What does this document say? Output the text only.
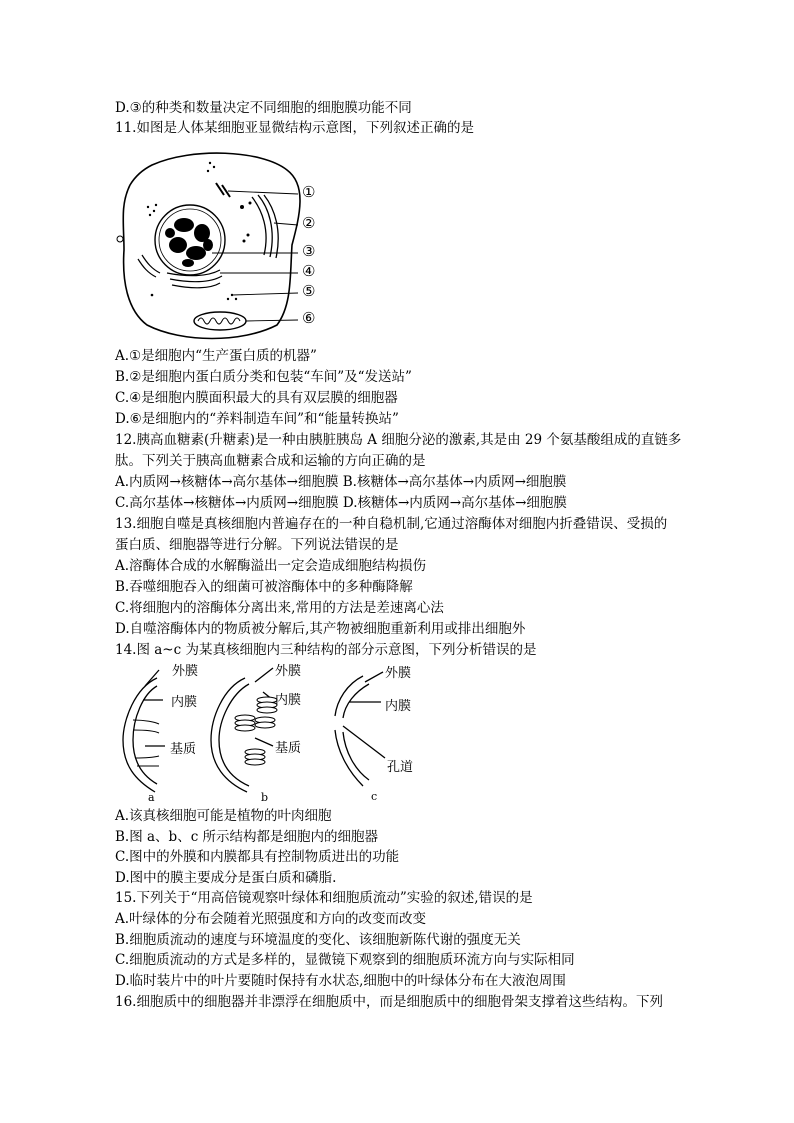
D.③的种类和数量决定不同细胞的细胞膜功能不同
11.如图是人体某细胞亚显微结构示意图，下列叙述正确的是
①
②
③
④
⑤
⑥
A.①是细胞内“生产蛋白质的机器”
B.②是细胞内蛋白质分类和包装“车间”及“发送站”
C.④是细胞内膜面积最大的具有双层膜的细胞器
D.⑥是细胞内的“养料制造车间”和“能量转换站”
12.胰高血糖素(升糖素)是一种由胰脏胰岛 A 细胞分泌的激素,其是由 29 个氨基酸组成的直链多
肽。下列关于胰高血糖素合成和运输的方向正确的是
A.内质网→核糖体→高尔基体→细胞膜 B.核糖体→高尔基体→内质网→细胞膜
C.高尔基体→核糖体→内质网→细胞膜 D.核糖体→内质网→高尔基体→细胞膜
13.细胞自噬是真核细胞内普遍存在的一种自稳机制,它通过溶酶体对细胞内折叠错误、受损的
蛋白质、细胞器等进行分解。下列说法错误的是
A.溶酶体合成的水解酶溢出一定会造成细胞结构损伤
B.吞噬细胞吞入的细菌可被溶酶体中的多种酶降解
C.将细胞内的溶酶体分离出来,常用的方法是差速离心法
D.自噬溶酶体内的物质被分解后,其产物被细胞重新利用或排出细胞外
14.图 a~c 为某真核细胞内三种结构的部分示意图，下列分析错误的是
外膜
内膜
基质
外膜
内膜
基质
外膜
内膜
孔道
a	b	c
A.该真核细胞可能是植物的叶肉细胞
B.图 a、b、c 所示结构都是细胞内的细胞器
C.图中的外膜和内膜都具有控制物质进出的功能
D.图中的膜主要成分是蛋白质和磷脂.
15.下列关于“用高倍镜观察叶绿体和细胞质流动”实验的叙述,错误的是
A.叶绿体的分布会随着光照强度和方向的改变而改变
B.细胞质流动的速度与环境温度的变化、该细胞新陈代谢的强度无关
C.细胞质流动的方式是多样的，显微镜下观察到的细胞质环流方向与实际相同
D.临时装片中的叶片要随时保持有水状态,细胞中的叶绿体分布在大液泡周围
16.细胞质中的细胞器并非漂浮在细胞质中，而是细胞质中的细胞骨架支撑着这些结构。下列
